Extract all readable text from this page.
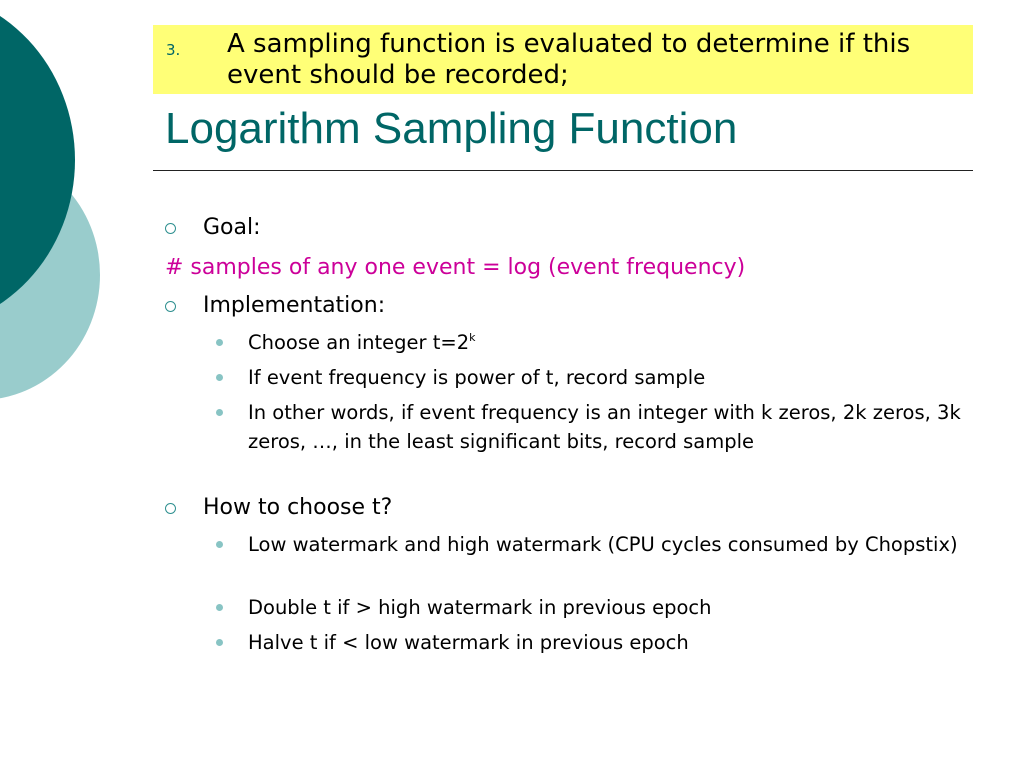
3. A sampling function is evaluated to determine if this event should be recorded;
Logarithm Sampling Function
Goal:
# samples of any one event = log (event frequency)
Implementation:
Choose an integer $t=2^k$
If event frequency is power of t, record sample
In other words, if event frequency is an integer with k zeros, 2k zeros, 3k zeros, …, in the least significant bits, record sample
How to choose t?
Low watermark and high watermark (CPU cycles consumed by Chopstix)
Double t if > high watermark in previous epoch
Halve t if < low watermark in previous epoch
